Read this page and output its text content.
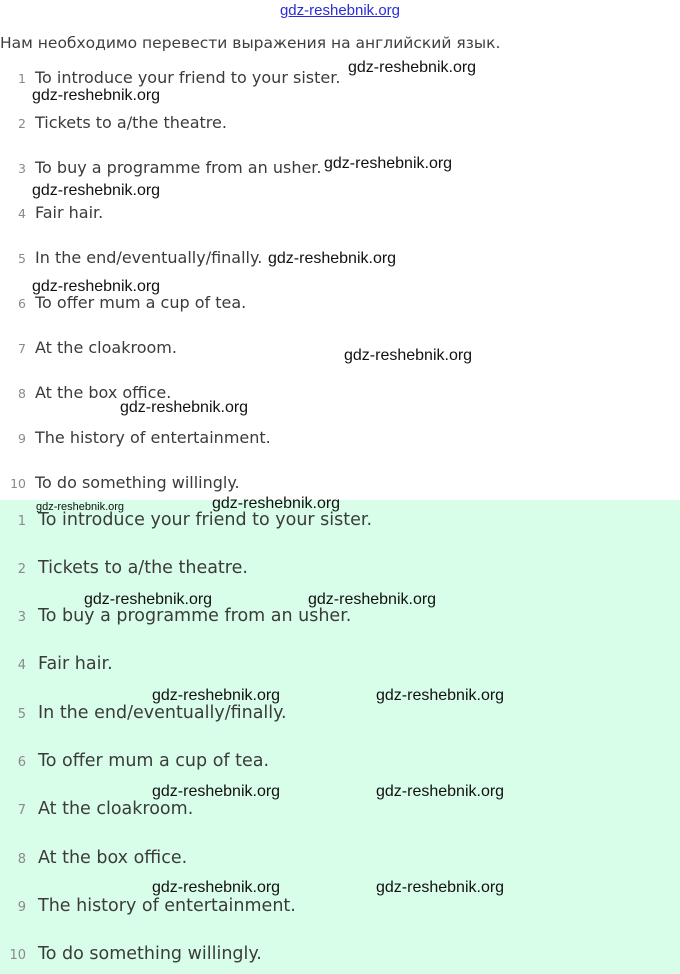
gdz-reshebnik.org
Нам необходимо перевести выражения на английский язык.
1 To introduce your friend to your sister.
2 Tickets to a/the theatre.
3 To buy a programme from an usher.
4 Fair hair.
5 In the end/eventually/finally.
6 To offer mum a cup of tea.
7 At the cloakroom.
8 At the box office.
9 The history of entertainment.
10 To do something willingly.
1 To introduce your friend to your sister.
2 Tickets to a/the theatre.
3 To buy a programme from an usher.
4 Fair hair.
5 In the end/eventually/finally.
6 To offer mum a cup of tea.
7 At the cloakroom.
8 At the box office.
9 The history of entertainment.
10 To do something willingly.
gdz-reshebnik.org
gdz-reshebnik.org
gdz-reshebnik.org
gdz-reshebnik.org
gdz-reshebnik.org
gdz-reshebnik.org
gdz-reshebnik.org
gdz-reshebnik.org
gdz-reshebnik.org	gdz-reshebnik.org
gdz-reshebnik.org	gdz-reshebnik.org
gdz-reshebnik.org	gdz-reshebnik.org
gdz-reshebnik.org	gdz-reshebnik.org
gdz-reshebnik.org	gdz-reshebnik.org
